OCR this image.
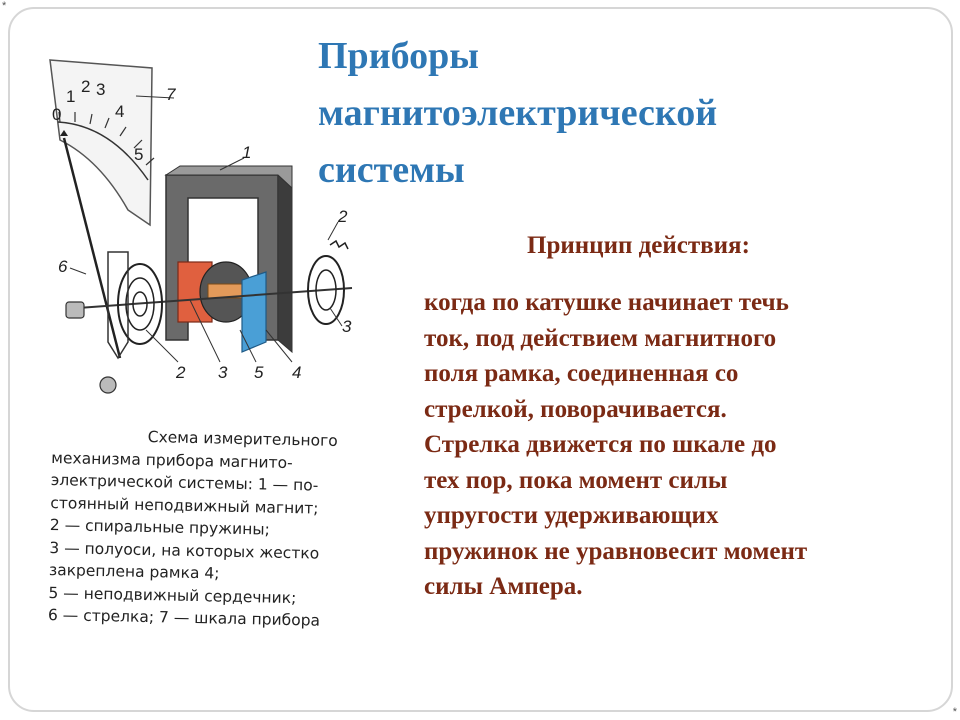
*
*
Приборы
магнитоэлектрической
системы
Принцип действия:
когда по катушке начинает течь
ток, под действием магнитного
поля рамка, соединенная со
стрелкой, поворачивается.
Стрелка движется по шкале до
тех пор, пока момент силы
упругости удерживающих
пружинок не уравновесит момент
силы Ампера.
0
1
2 3
4
5
7
1
2
3
6
2 3 5 4
Схема измерительного
механизма прибора магнито-
электрической системы: 1 — по-
стоянный неподвижный магнит;
2 — спиральные пружины;
3 — полуоси, на которых жестко
закреплена рамка 4;
5 — неподвижный сердечник;
6 — стрелка; 7 — шкала прибора
